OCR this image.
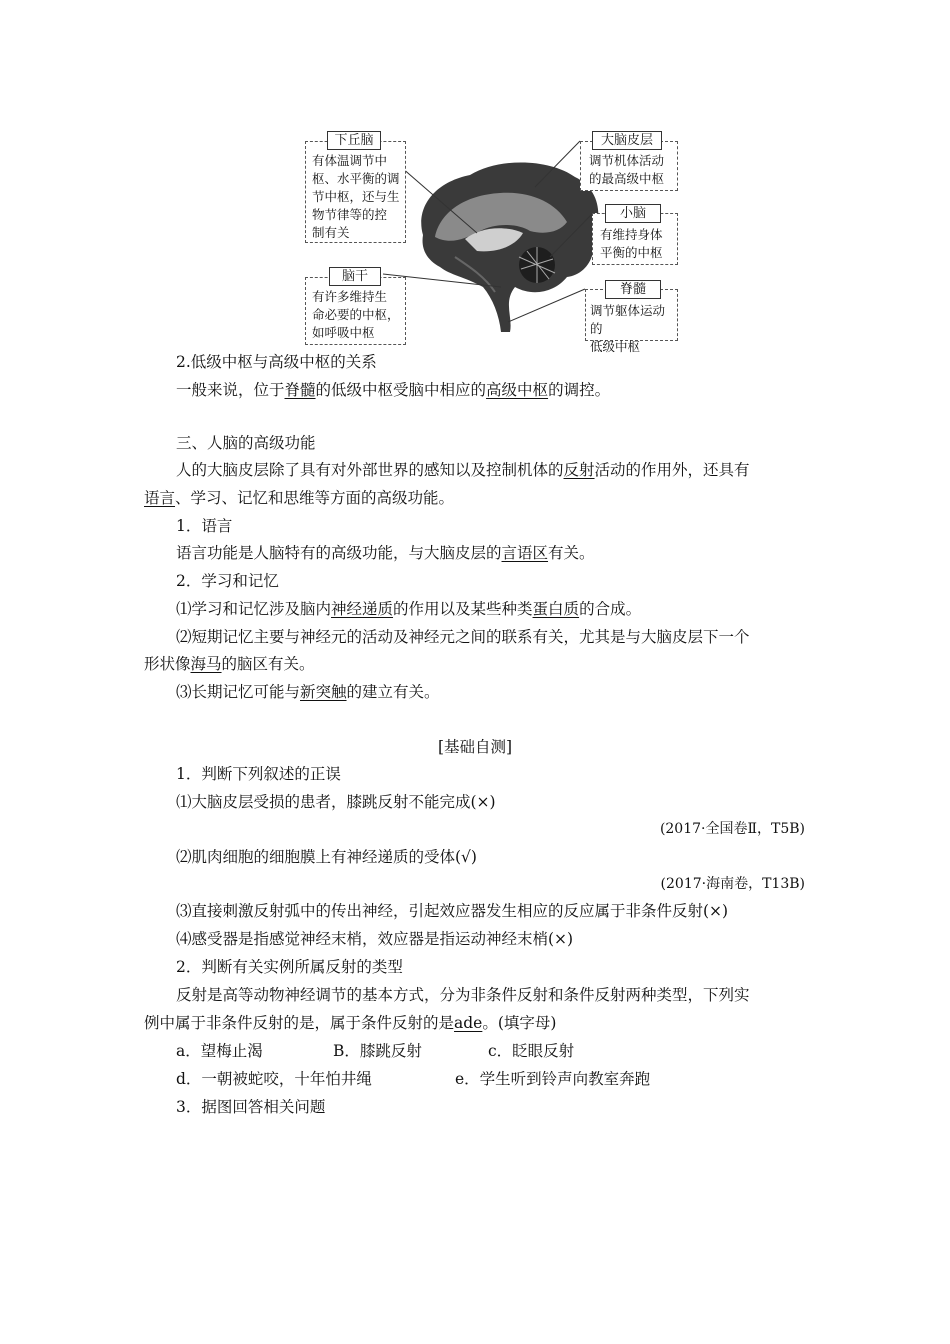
有体温调节中
枢、水平衡的调
节中枢，还与生
物节律等的控
制有关
下丘脑
调节机体活动
的最高级中枢
大脑皮层
有维持身体
平衡的中枢
小脑
有许多维持生
命必要的中枢，
如呼吸中枢
脑干
调节躯体运动的
低级中枢
脊髓
2.低级中枢与高级中枢的关系
一般来说，位于脊髓的低级中枢受脑中相应的高级中枢的调控。
三、人脑的高级功能
人的大脑皮层除了具有对外部世界的感知以及控制机体的反射活动的作用外，还具有
语言、学习、记忆和思维等方面的高级功能。
1．语言
语言功能是人脑特有的高级功能，与大脑皮层的言语区有关。
2．学习和记忆
⑴学习和记忆涉及脑内神经递质的作用以及某些种类蛋白质的合成。
⑵短期记忆主要与神经元的活动及神经元之间的联系有关，尤其是与大脑皮层下一个
形状像海马的脑区有关。
⑶长期记忆可能与新突触的建立有关。
[基础自测]
1．判断下列叙述的正误
⑴大脑皮层受损的患者，膝跳反射不能完成(×)
(2017·全国卷Ⅱ，T5B)
⑵肌肉细胞的细胞膜上有神经递质的受体(√)
(2017·海南卷，T13B)
⑶直接刺激反射弧中的传出神经，引起效应器发生相应的反应属于非条件反射(×)
⑷感受器是指感觉神经末梢，效应器是指运动神经末梢(×)
2．判断有关实例所属反射的类型
反射是高等动物神经调节的基本方式，分为非条件反射和条件反射两种类型，下列实
例中属于非条件反射的是，属于条件反射的是ade。(填字母)
a．望梅止渴	B．膝跳反射	c．眨眼反射
d．一朝被蛇咬，十年怕井绳	e．学生听到铃声向教室奔跑
3．据图回答相关问题
